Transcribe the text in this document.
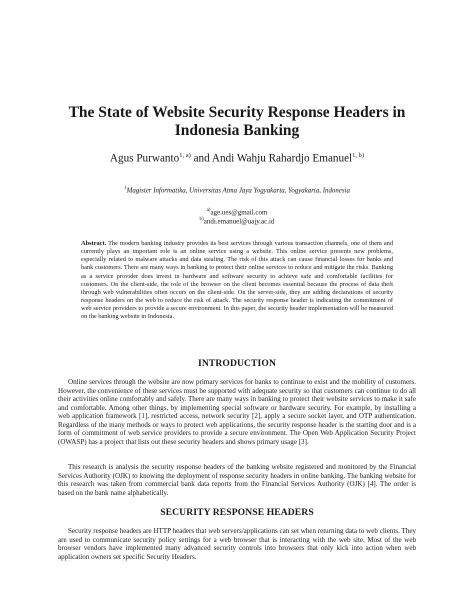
The State of Website Security Response Headers in Indonesia Banking
Agus Purwanto$^{1, a)}$ and Andi Wahju Rahardjo Emanuel$^{1, b)}$
$^1$Magister Informatika, Universitas Atma Jaya Yogyakarta, Yogyakarta, Indonesia
$^{a)}$age.ues@gmail.com
$^{b)}$andi.emanuel@uajy.ac.id
Abstract. The modern banking industry provides its best services through various transaction channels, one of them and currently plays an important role is an online service using a website. This online service presents new problems, especially related to malware attacks and data stealing. The risk of this attack can cause financial losses for banks and bank customers. There are many ways in banking to protect their online services to reduce and mitigate the risks. Banking as a service provider does invest in hardware and software security to achieve safe and comfortable facilities for customers. On the client-side, the role of the browser on the client becomes essential because the process of data theft through web vulnerabilities often occurs on the client-side. On the server-side, they are adding declarations of security response headers on the web to reduce the risk of attack. The security response header is indicating the commitment of web service providers to provide a secure environment. In this paper, the security header implementation will be measured on the banking website in Indonesia.
INTRODUCTION
Online services through the website are now primary services for banks to continue to exist and the mobility of customers. However, the convenience of these services must be supported with adequate security so that customers can continue to do all their activities online comfortably and safely. There are many ways in banking to protect their website services to make it safe and comfortable. Among other things, by implementing special software or hardware security. For example, by installing a web application framework [1], restricted access, network security [2], apply a secure socket layer, and OTP authentication. Regardless of the many methods or ways to protect web applications, the security response header is the starting door and is a form of commitment of web service providers to provide a secure environment. The Open Web Application Security Project (OWASP) has a project that lists out these security headers and shows primary usage [3].
This research is analysis the security response headers of the banking website registered and monitored by the Financial Services Authority (OJK) to knowing the deployment of response security headers in online banking. The banking website for this research was taken from commercial bank data reports from the Financial Services Authority (OJK) [4]. The order is based on the bank name alphabetically.
SECURITY RESPONSE HEADERS
Security response headers are HTTP headers that web servers/applications can set when returning data to web clients. They are used to communicate security policy settings for a web browser that is interacting with the web site. Most of the web browser vendors have implemented many advanced security controls into browsers that only kick into action when web application owners set specific Security Headers.
